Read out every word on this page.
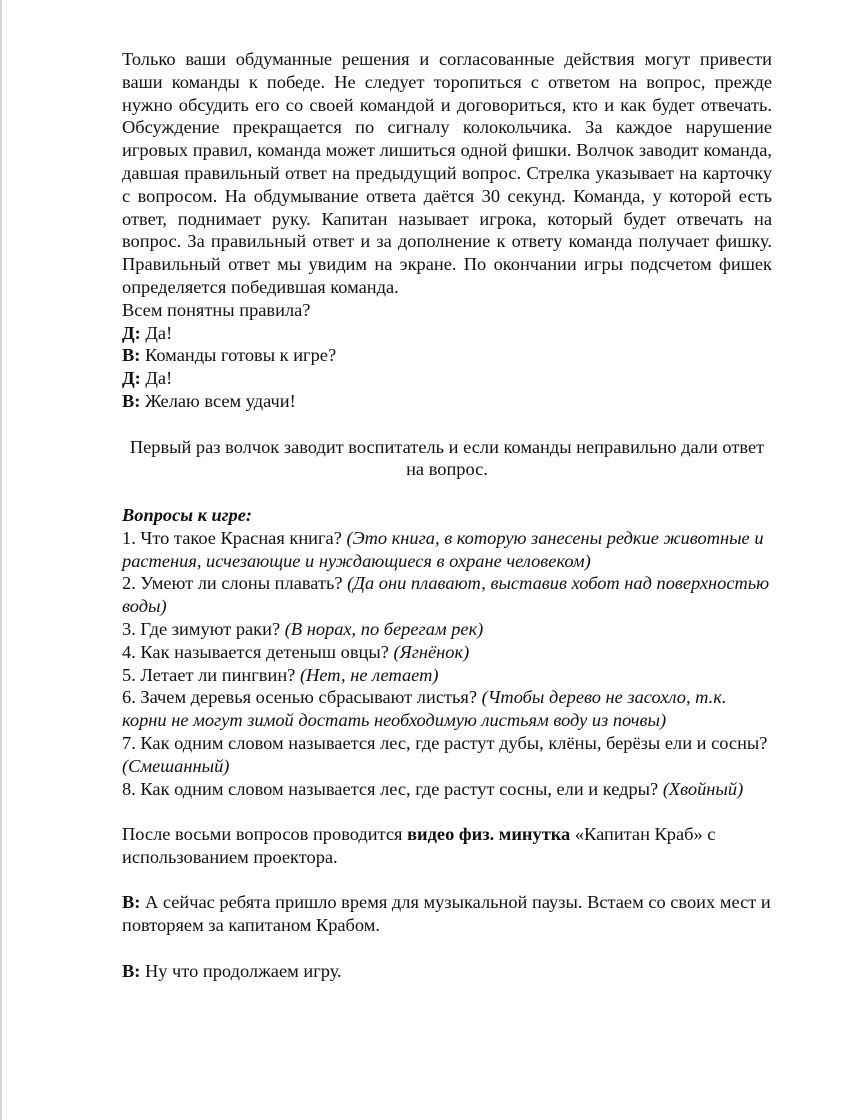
Только ваши обдуманные решения и согласованные действия могут привести ваши команды к победе. Не следует торопиться с ответом на вопрос, прежде нужно обсудить его со своей командой и договориться, кто и как будет отвечать. Обсуждение прекращается по сигналу колокольчика. За каждое нарушение игровых правил, команда может лишиться одной фишки. Волчок заводит команда, давшая правильный ответ на предыдущий вопрос. Стрелка указывает на карточку с вопросом. На обдумывание ответа даётся 30 секунд. Команда, у которой есть ответ, поднимает руку. Капитан называет игрока, который будет отвечать на вопрос. За правильный ответ и за дополнение к ответу команда получает фишку. Правильный ответ мы увидим на экране. По окончании игры подсчетом фишек определяется победившая команда.

Всем понятны правила?

Д: Да!

В: Команды готовы к игре?

Д: Да!

В: Желаю всем удачи!

Первый раз волчок заводит воспитатель и если команды неправильно дали ответ на вопрос.

Вопросы к игре:

1. Что такое Красная книга? (Это книга, в которую занесены редкие животные и растения, исчезающие и нуждающиеся в охране человеком)

2. Умеют ли слоны плавать? (Да они плавают, выставив хобот над поверхностью воды)

3. Где зимуют раки? (В норах, по берегам рек)

4. Как называется детеныш овцы? (Ягнёнок)

5. Летает ли пингвин? (Нет, не летает)

6. Зачем деревья осенью сбрасывают листья? (Чтобы дерево не засохло, т.к. корни не могут зимой достать необходимую листьям воду из почвы)

7. Как одним словом называется лес, где растут дубы, клёны, берёзы ели и сосны? (Смешанный)

8. Как одним словом называется лес, где растут сосны, ели и кедры? (Хвойный)

После восьми вопросов проводится видео физ. минутка «Капитан Краб» с использованием проектора.

В: А сейчас ребята пришло время для музыкальной паузы. Встаем со своих мест и повторяем за капитаном Крабом.

В: Ну что продолжаем игру.
